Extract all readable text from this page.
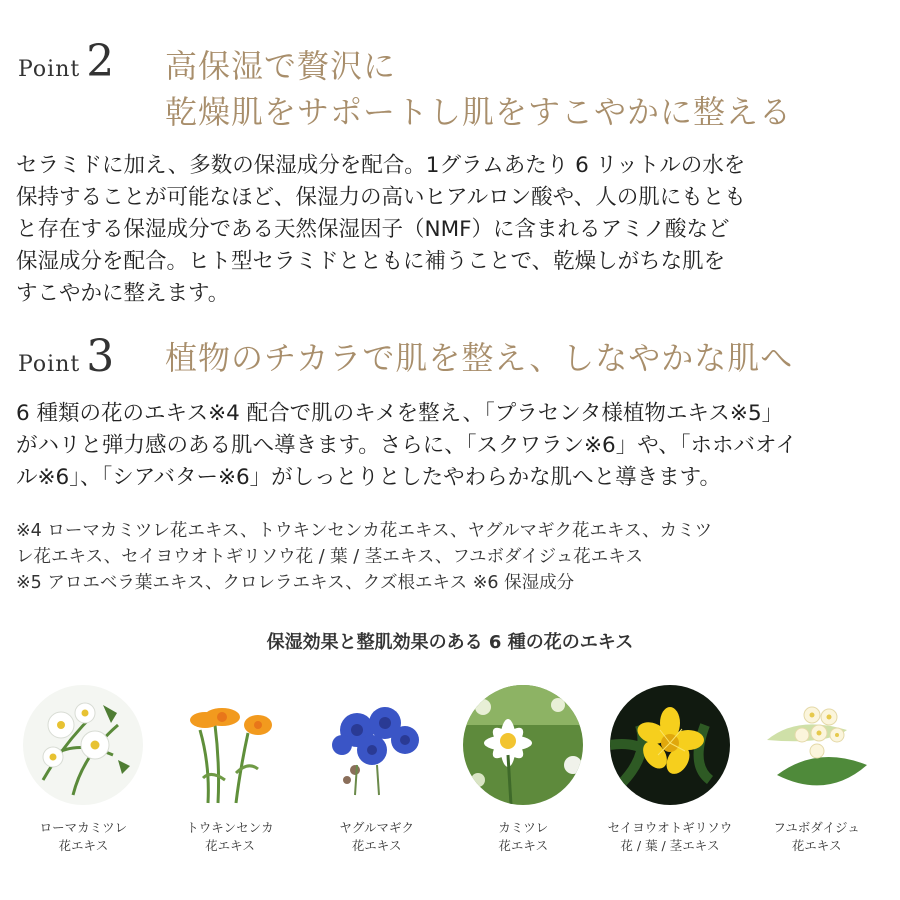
Point 2 高保湿で贅沢に
乾燥肌をサポートし肌をすこやかに整える
セラミドに加え、多数の保湿成分を配合。1グラムあたり 6 リットルの水を
保持することが可能なほど、保湿力の高いヒアルロン酸や、人の肌にもとも
と存在する保湿成分である天然保湿因子（NMF）に含まれるアミノ酸など
保湿成分を配合。ヒト型セラミドとともに補うことで、乾燥しがちな肌を
すこやかに整えます。
Point 3 植物のチカラで肌を整え、しなやかな肌へ
6 種類の花のエキス※4 配合で肌のキメを整え、「プラセンタ様植物エキス※5」
がハリと弾力感のある肌へ導きます。さらに、「スクワラン※6」や、「ホホバオイ
ル※6」、「シアバター※6」がしっとりとしたやわらかな肌へと導きます。
※4 ローマカミツレ花エキス、トウキンセンカ花エキス、ヤグルマギク花エキス、カミツ
レ花エキス、セイヨウオトギリソウ花 / 葉 / 茎エキス、フユボダイジュ花エキス
※5 アロエベラ葉エキス、クロレラエキス、クズ根エキス ※6 保湿成分
保湿効果と整肌効果のある 6 種の花のエキス
ローマカミツレ
花エキス
トウキンセンカ
花エキス
ヤグルマギク
花エキス
カミツレ
花エキス
セイヨウオトギリソウ
花 / 葉 / 茎エキス
フユボダイジュ
花エキス
